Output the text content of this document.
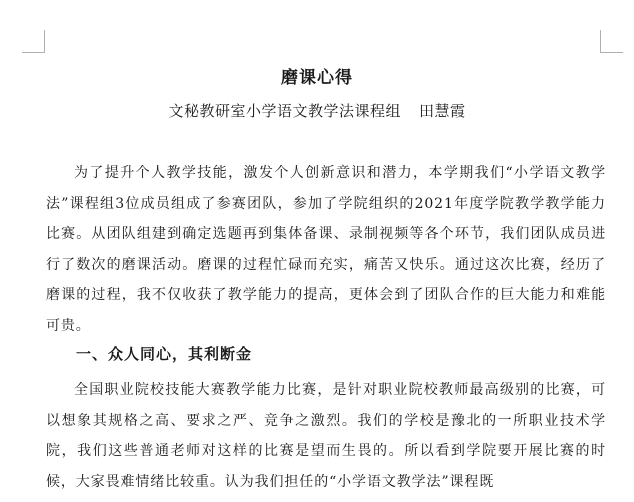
磨课心得
文秘教研室小学语文教学法课程组 田慧霞

为了提升个人教学技能，激发个人创新意识和潜力，本学期我们“小学语文教学法”课程组3位成员组成了参赛团队，参加了学院组织的2021年度学院教学教学能力比赛。从团队组建到确定选题再到集体备课、录制视频等各个环节，我们团队成员进行了数次的磨课活动。磨课的过程忙碌而充实，痛苦又快乐。通过这次比赛，经历了磨课的过程，我不仅收获了教学能力的提高，更体会到了团队合作的巨大能力和难能可贵。

一、众人同心，其利断金

全国职业院校技能大赛教学能力比赛，是针对职业院校教师最高级别的比赛，可以想象其规格之高、要求之严、竞争之激烈。我们的学校是豫北的一所职业技术学院，我们这些普通老师对这样的比赛是望而生畏的。所以看到学院要开展比赛的时候，大家畏难情绪比较重。认为我们担任的“小学语文教学法”课程既
